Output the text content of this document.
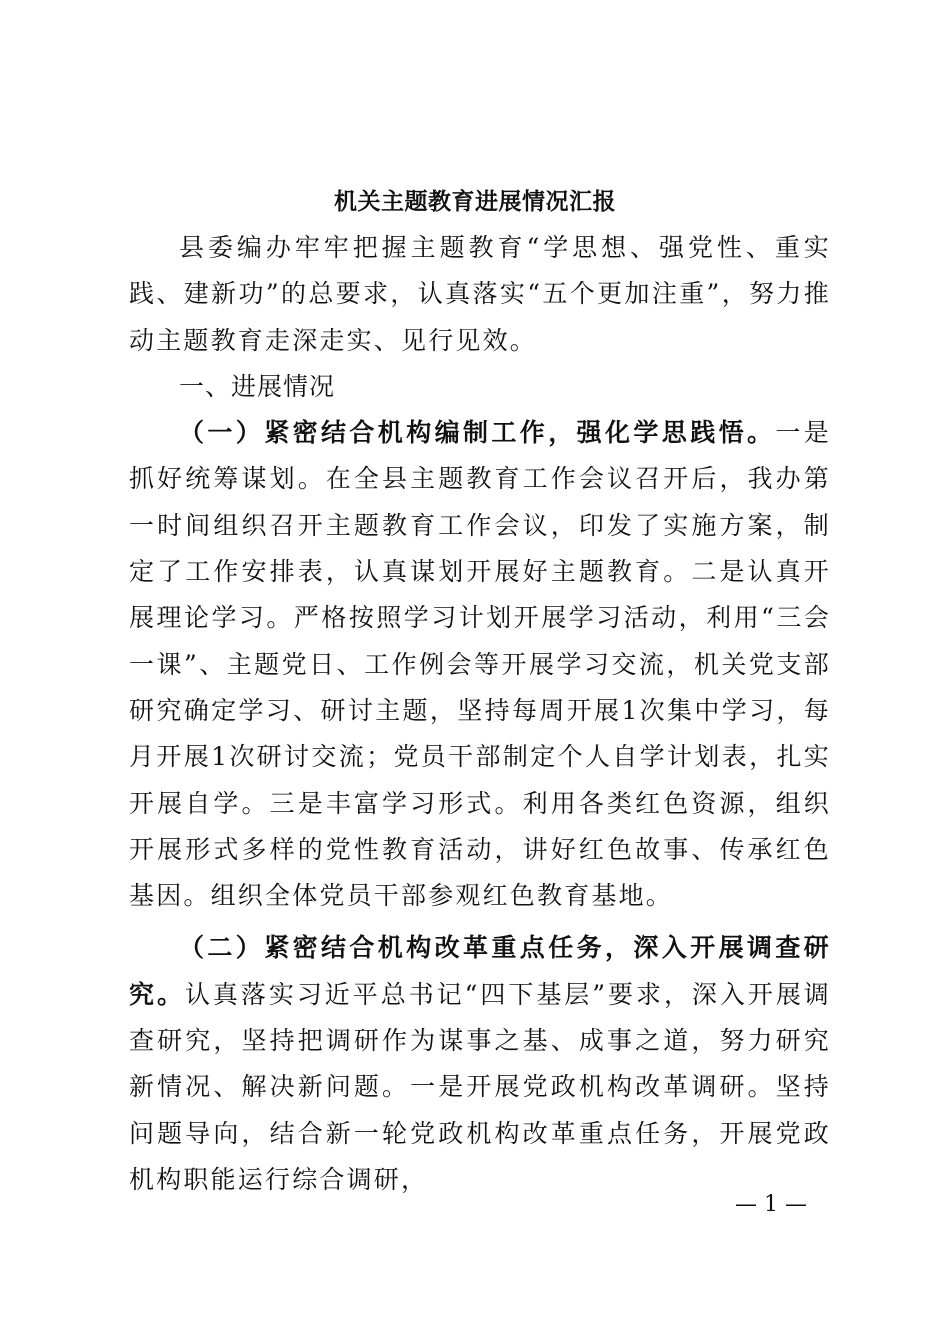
机关主题教育进展情况汇报

县委编办牢牢把握主题教育“学思想、强党性、重实践、建新功”的总要求，认真落实“五个更加注重”，努力推动主题教育走深走实、见行见效。

一、进展情况

（一）紧密结合机构编制工作，强化学思践悟。一是抓好统筹谋划。在全县主题教育工作会议召开后，我办第一时间组织召开主题教育工作会议，印发了实施方案，制定了工作安排表，认真谋划开展好主题教育。二是认真开展理论学习。严格按照学习计划开展学习活动，利用“三会一课”、主题党日、工作例会等开展学习交流，机关党支部研究确定学习、研讨主题，坚持每周开展1次集中学习，每月开展1次研讨交流；党员干部制定个人自学计划表，扎实开展自学。三是丰富学习形式。利用各类红色资源，组织开展形式多样的党性教育活动，讲好红色故事、传承红色基因。组织全体党员干部参观红色教育基地。

（二）紧密结合机构改革重点任务，深入开展调查研究。认真落实习近平总书记“四下基层”要求，深入开展调查研究，坚持把调研作为谋事之基、成事之道，努力研究新情况、解决新问题。一是开展党政机构改革调研。坚持问题导向，结合新一轮党政机构改革重点任务，开展党政机构职能运行综合调研，

— 1 —
